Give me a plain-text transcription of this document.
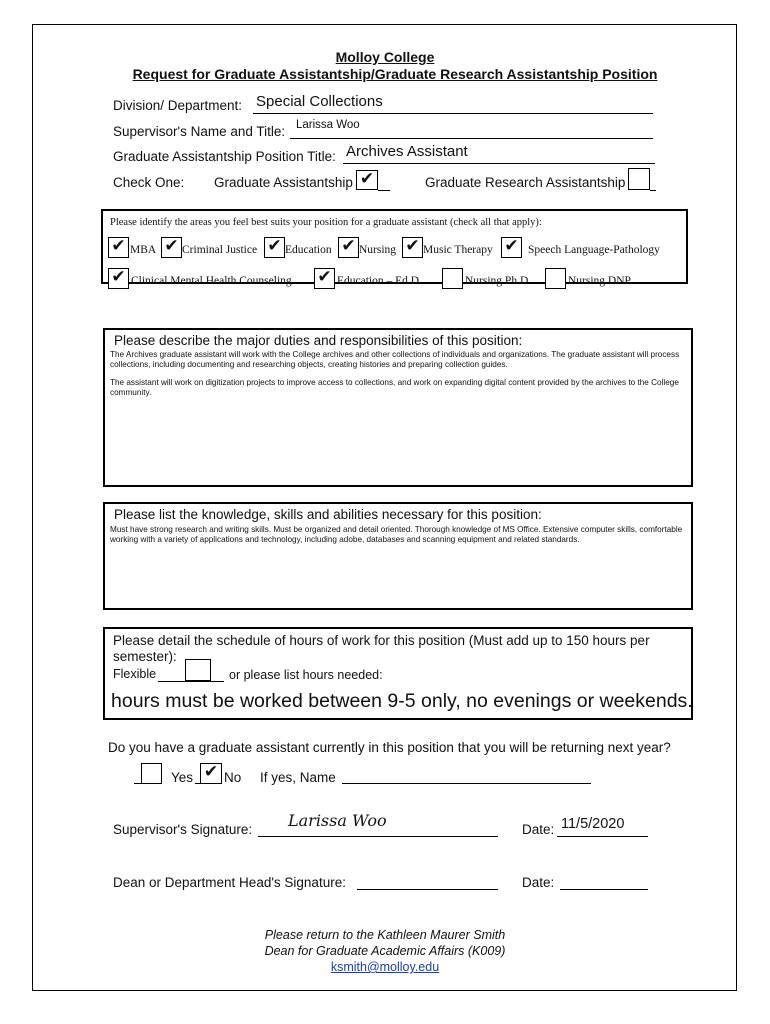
Molloy College
Request for Graduate Assistantship/Graduate Research Assistantship Position
Division/ Department: Special Collections
Supervisor's Name and Title: Larissa Woo
Graduate Assistantship Position Title: Archives Assistant
Check One: Graduate Assistantship ✔	Graduate Research Assistantship
Please identify the areas you feel best suits your position for a graduate assistant (check all that apply):
✔ MBA ✔ Criminal Justice ✔ Education ✔ Nursing ✔ Music Therapy ✔ Speech Language-Pathology
✔ Clinical Mental Health Counseling ✔ Education – Ed.D.	Nursing Ph.D.	Nursing DNP
Please describe the major duties and responsibilities of this position:
The Archives graduate assistant will work with the College archives and other collections of individuals and organizations. The graduate assistant will process collections, including documenting and researching objects, creating histories and preparing collection guides.
The assistant will work on digitization projects to improve access to collections, and work on expanding digital content provided by the archives to the College community.
Please list the knowledge, skills and abilities necessary for this position:
Must have strong research and writing skills. Must be organized and detail oriented. Thorough knowledge of MS Office. Extensive computer skills, comfortable working with a variety of applications and technology, including adobe, databases and scanning equipment and related standards.
Please detail the schedule of hours of work for this position (Must add up to 150 hours per semester):
Flexible	or please list hours needed:
hours must be worked between 9-5 only, no evenings or weekends.
Do you have a graduate assistant currently in this position that you will be returning next year?
Yes ✔ No If yes, Name
Supervisor's Signature: Larissa Woo	Date: 11/5/2020
Dean or Department Head's Signature:	Date:
Please return to the Kathleen Maurer Smith
Dean for Graduate Academic Affairs (K009)
ksmith@molloy.edu
